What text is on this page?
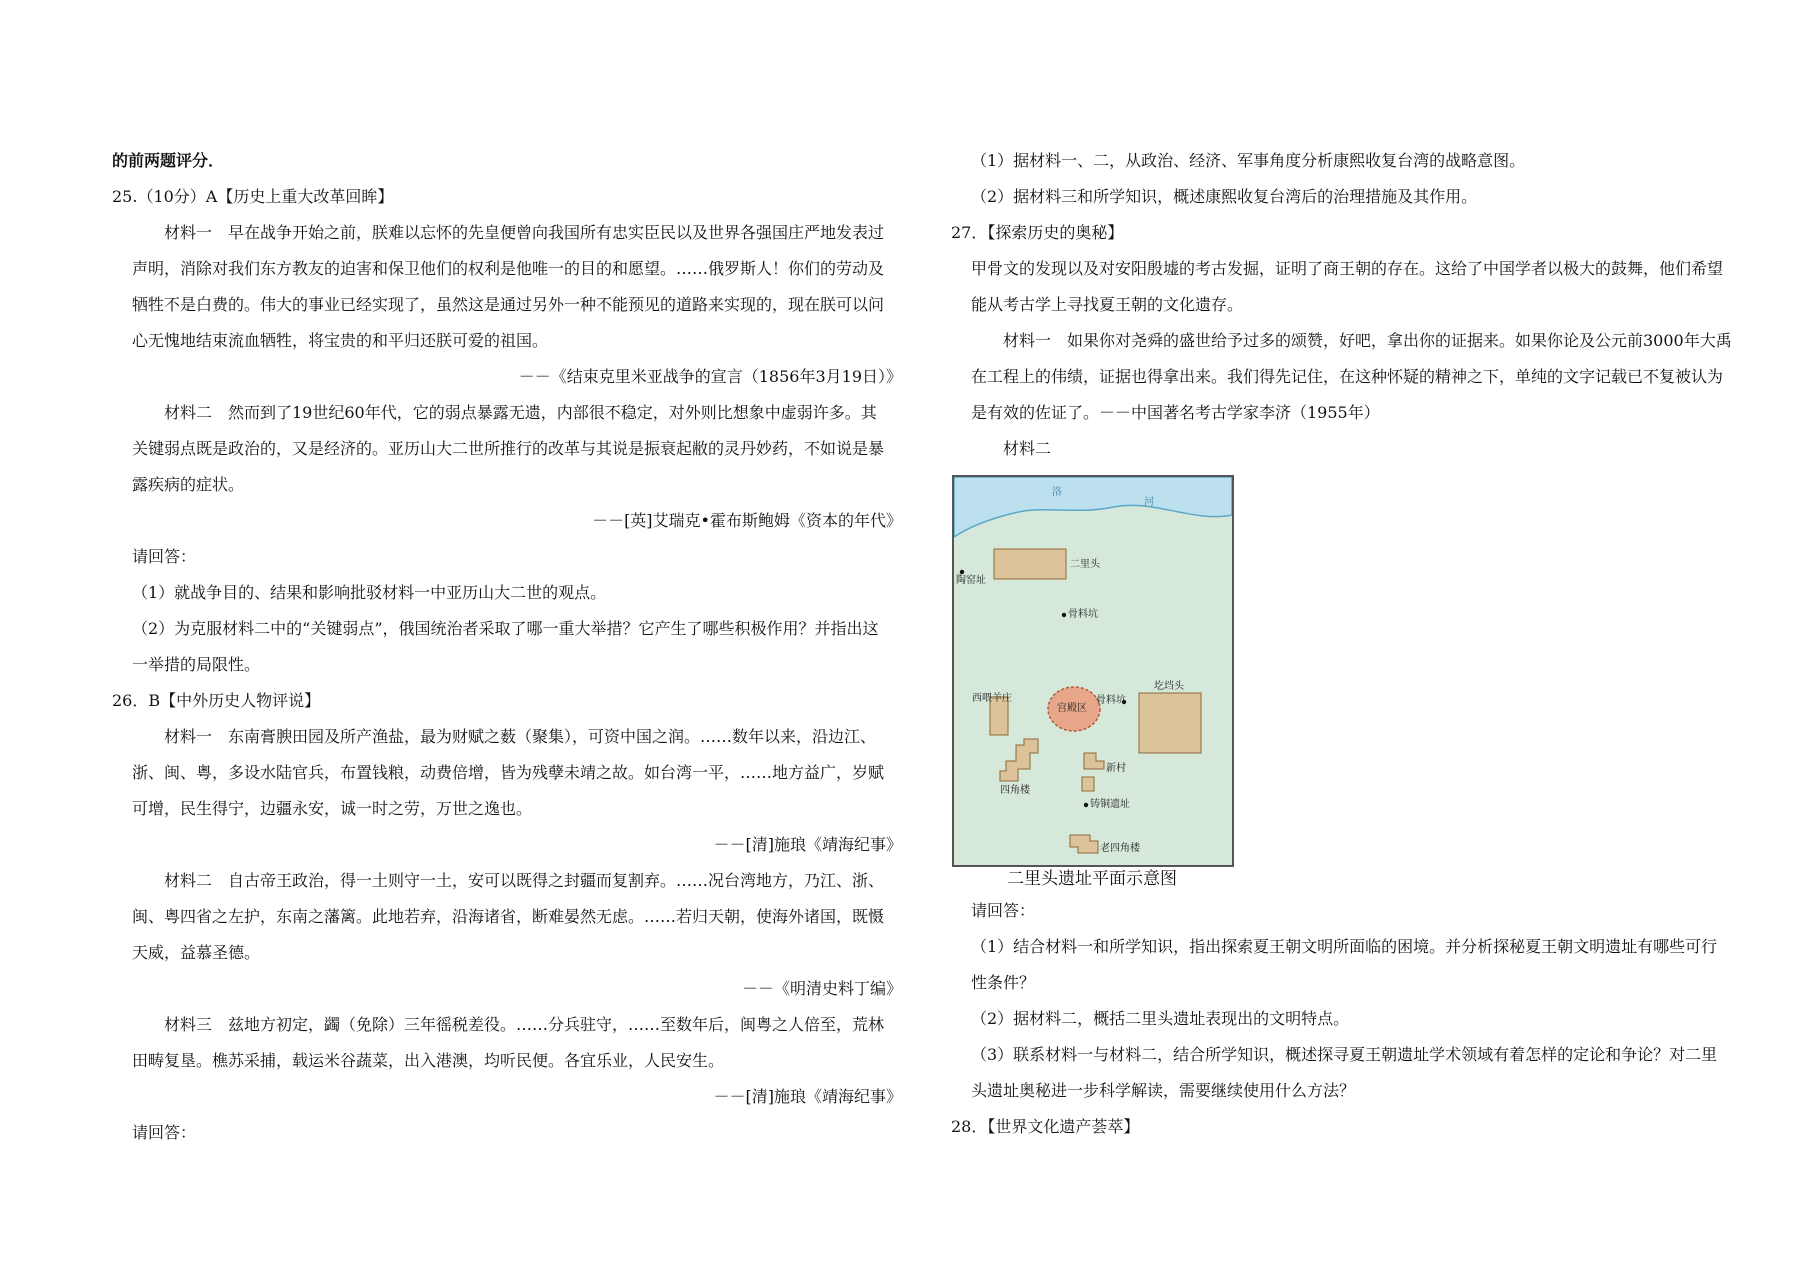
的前两题评分．
25.（10分）A【历史上重大改革回眸】
材料一　早在战争开始之前，朕难以忘怀的先皇便曾向我国所有忠实臣民以及世界各强国庄严地发表过
声明，消除对我们东方教友的迫害和保卫他们的权利是他唯一的目的和愿望。……俄罗斯人！你们的劳动及
牺牲不是白费的。伟大的事业已经实现了，虽然这是通过另外一种不能预见的道路来实现的，现在朕可以问
心无愧地结束流血牺牲，将宝贵的和平归还朕可爱的祖国。
－－《结束克里米亚战争的宣言（1856年3月19日）》
材料二　然而到了19世纪60年代，它的弱点暴露无遗，内部很不稳定，对外则比想象中虚弱许多。其
关键弱点既是政治的，又是经济的。亚历山大二世所推行的改革与其说是振衰起敝的灵丹妙药，不如说是暴
露疾病的症状。
－－[英]艾瑞克•霍布斯鲍姆《资本的年代》
请回答：
（1）就战争目的、结果和影响批驳材料一中亚历山大二世的观点。
（2）为克服材料二中的“关键弱点”，俄国统治者采取了哪一重大举措？它产生了哪些积极作用？并指出这
一举措的局限性。
26．B【中外历史人物评说】
材料一　东南膏腴田园及所产渔盐，最为财赋之薮（聚集），可资中国之润。……数年以来，沿边江、
浙、闽、粤，多设水陆官兵，布置钱粮，动费倍增，皆为残孽未靖之故。如台湾一平，……地方益广，岁赋
可增，民生得宁，边疆永安，诚一时之劳，万世之逸也。
－－[清]施琅《靖海纪事》
材料二　自古帝王政治，得一土则守一土，安可以既得之封疆而复割弃。……况台湾地方，乃江、浙、
闽、粤四省之左护，东南之藩篱。此地若弃，沿海诸省，断难晏然无虑。……若归天朝，使海外诸国，既慑
天威，益慕圣德。
－－《明清史料丁编》
材料三　兹地方初定，蠲（免除）三年徭税差役。……分兵驻守，……至数年后，闽粤之人倍至，荒林
田畴复垦。樵苏采捕，载运米谷蔬菜，出入港澳，均听民便。各宜乐业，人民安生。
－－[清]施琅《靖海纪事》
请回答：
（1）据材料一、二，从政治、经济、军事角度分析康熙收复台湾的战略意图。
（2）据材料三和所学知识，概述康熙收复台湾后的治理措施及其作用。
27．【探索历史的奥秘】
甲骨文的发现以及对安阳殷墟的考古发掘，证明了商王朝的存在。这给了中国学者以极大的鼓舞，他们希望
能从考古学上寻找夏王朝的文化遗存。
材料一　如果你对尧舜的盛世给予过多的颂赞，好吧，拿出你的证据来。如果你论及公元前3000年大禹
在工程上的伟绩，证据也得拿出来。我们得先记住，在这种怀疑的精神之下，单纯的文字记载已不复被认为
是有效的佐证了。－－中国著名考古学家李济（1955年）
材料二
洛
河
二里头
陶窑址
骨料坑
西喂羊庄
宫殿区
骨料坑
圪垱头
新村
四角楼
铸铜遗址
老四角楼
二里头遗址平面示意图
请回答：
（1）结合材料一和所学知识，指出探索夏王朝文明所面临的困境。并分析探秘夏王朝文明遗址有哪些可行
性条件？
（2）据材料二，概括二里头遗址表现出的文明特点。
（3）联系材料一与材料二，结合所学知识，概述探寻夏王朝遗址学术领域有着怎样的定论和争论？对二里
头遗址奥秘进一步科学解读，需要继续使用什么方法？
28．【世界文化遗产荟萃】
